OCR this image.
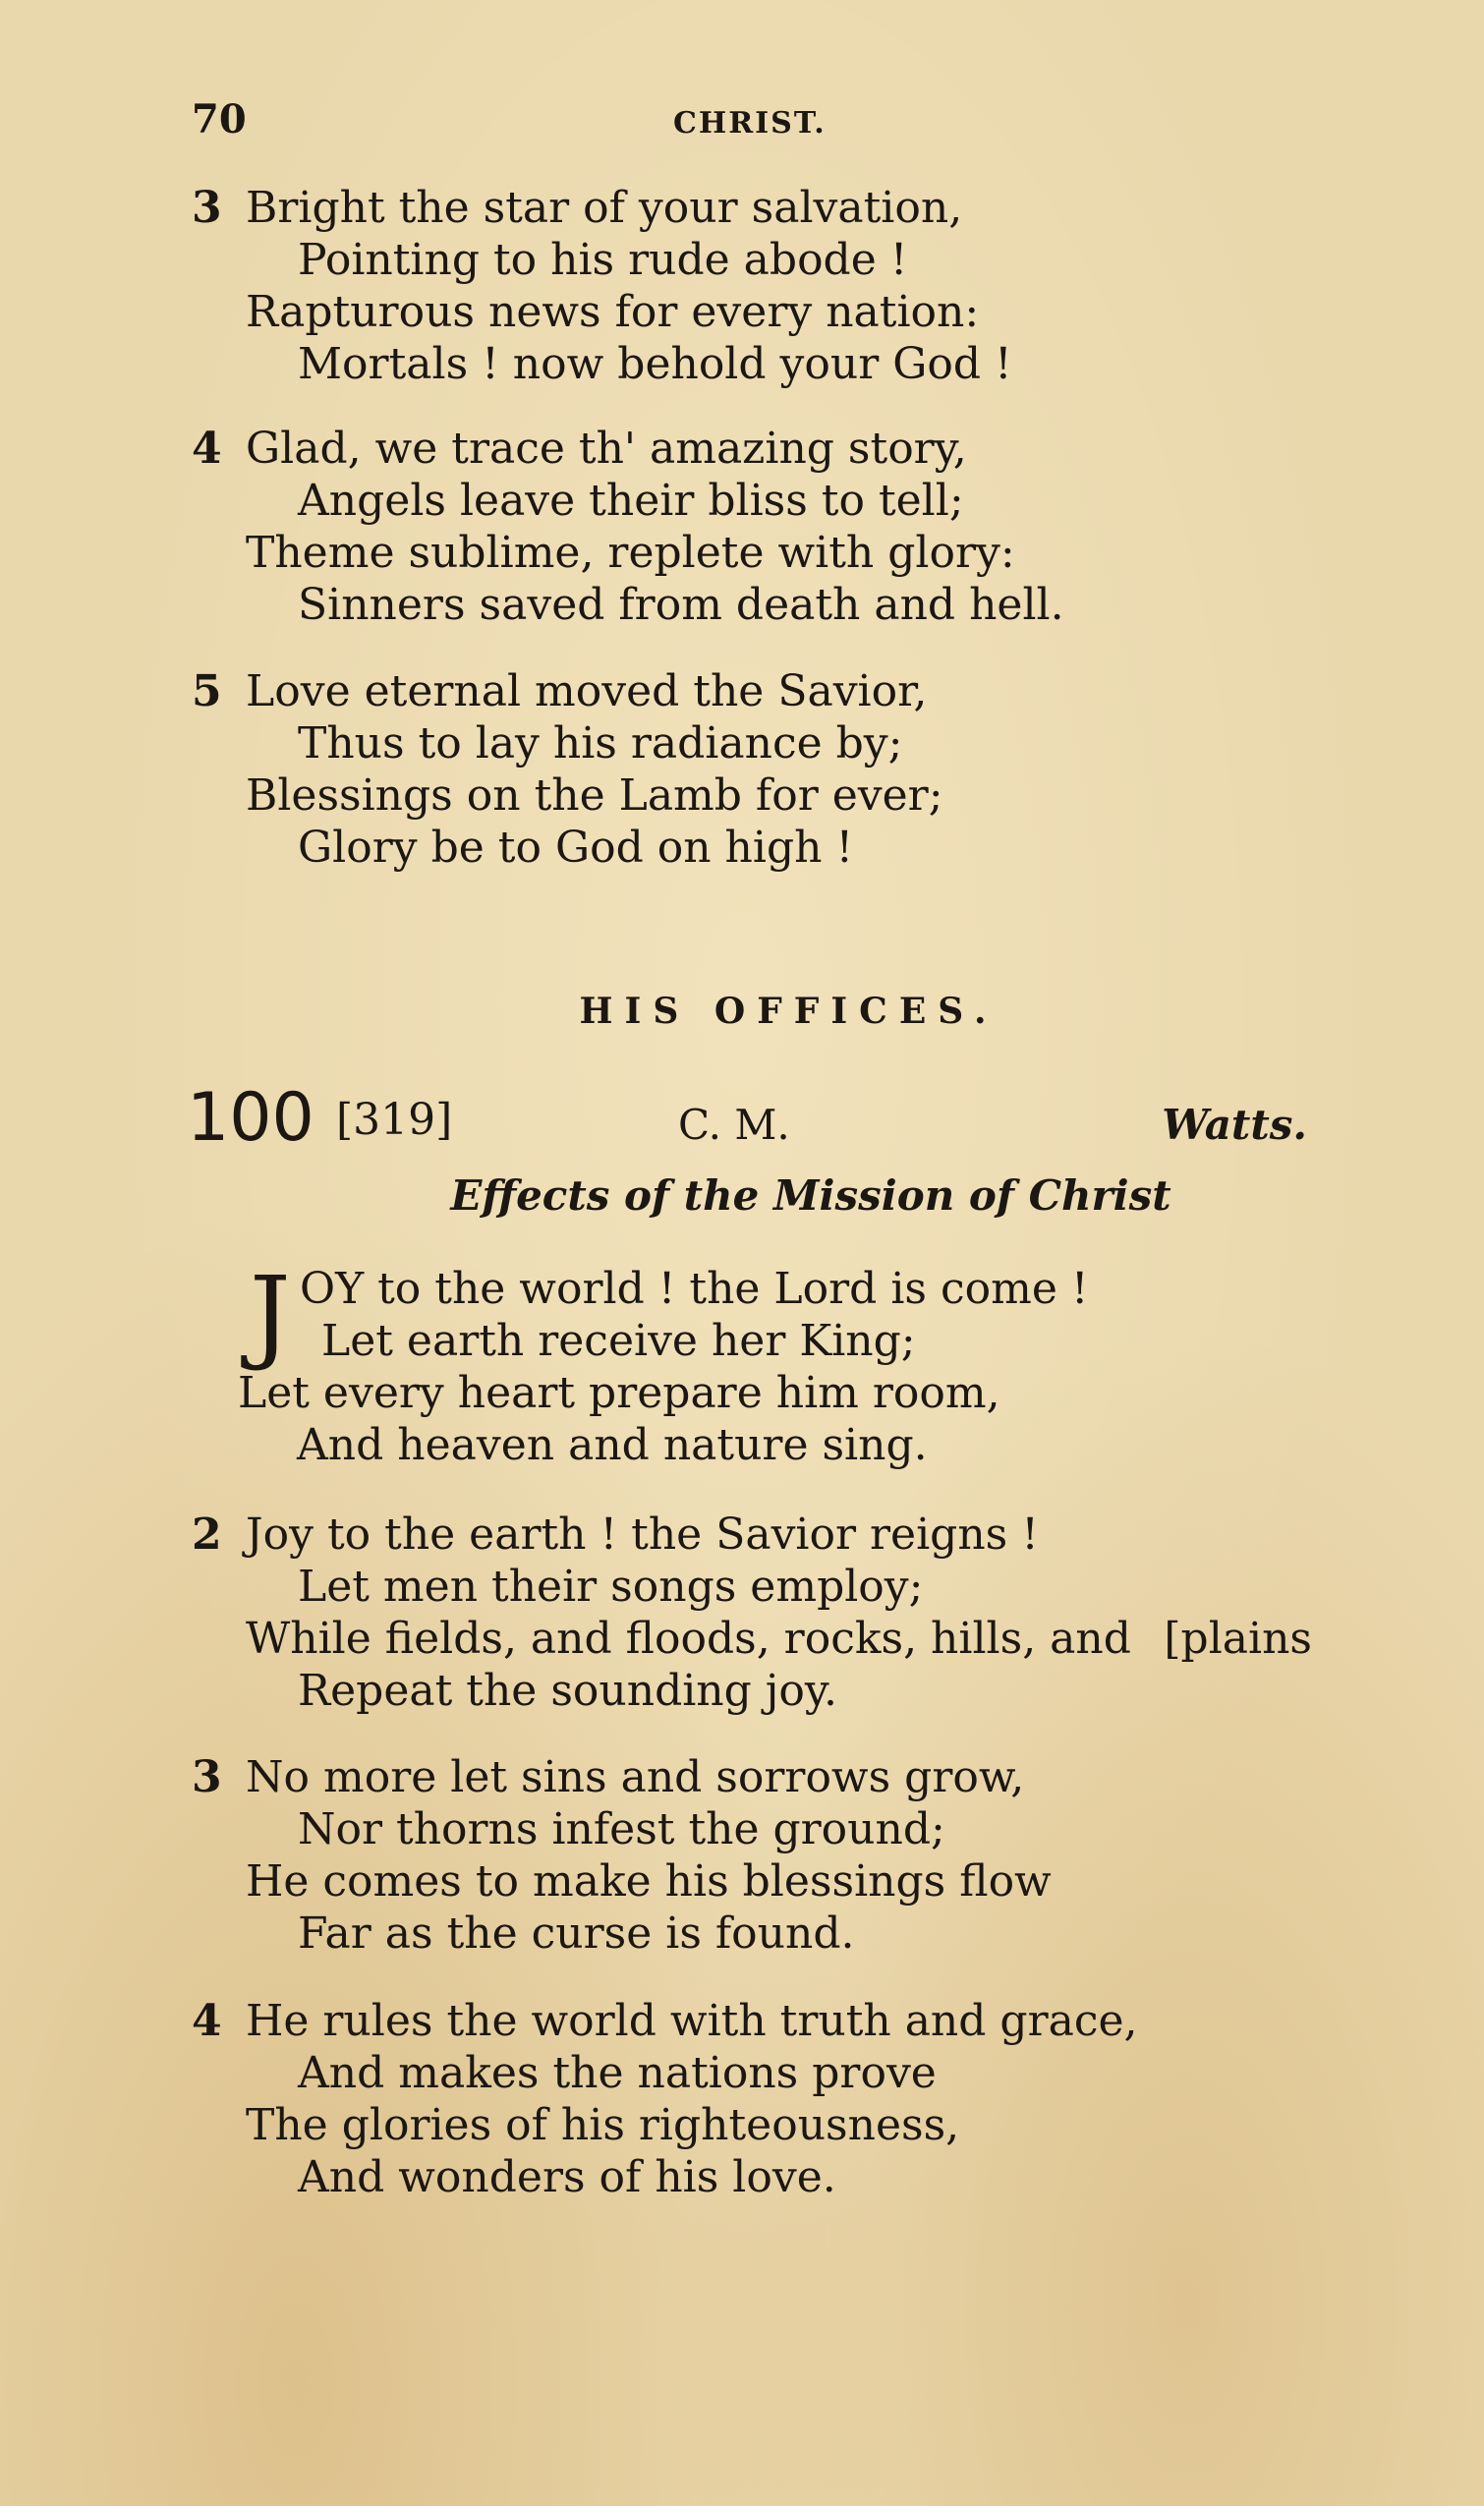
70	CHRIST.
3 Bright the star of your salvation,
Pointing to his rude abode !
Rapturous news for every nation:
Mortals ! now behold your God !
4 Glad, we trace th' amazing story,
Angels leave their bliss to tell;
Theme sublime, replete with glory:
Sinners saved from death and hell.
5 Love eternal moved the Savior,
Thus to lay his radiance by;
Blessings on the Lamb for ever;
Glory be to God on high !
HIS OFFICES.
100 [319]	C. M.	Watts.
Effects of the Mission of Christ
J OY to the world ! the Lord is come !
Let earth receive her King;
Let every heart prepare him room,
And heaven and nature sing.
2 Joy to the earth ! the Savior reigns !
Let men their songs employ;
[plains
While fields, and floods, rocks, hills, and
Repeat the sounding joy.
3 No more let sins and sorrows grow,
Nor thorns infest the ground;
He comes to make his blessings flow
Far as the curse is found.
4 He rules the world with truth and grace,
And makes the nations prove
The glories of his righteousness,
And wonders of his love.
